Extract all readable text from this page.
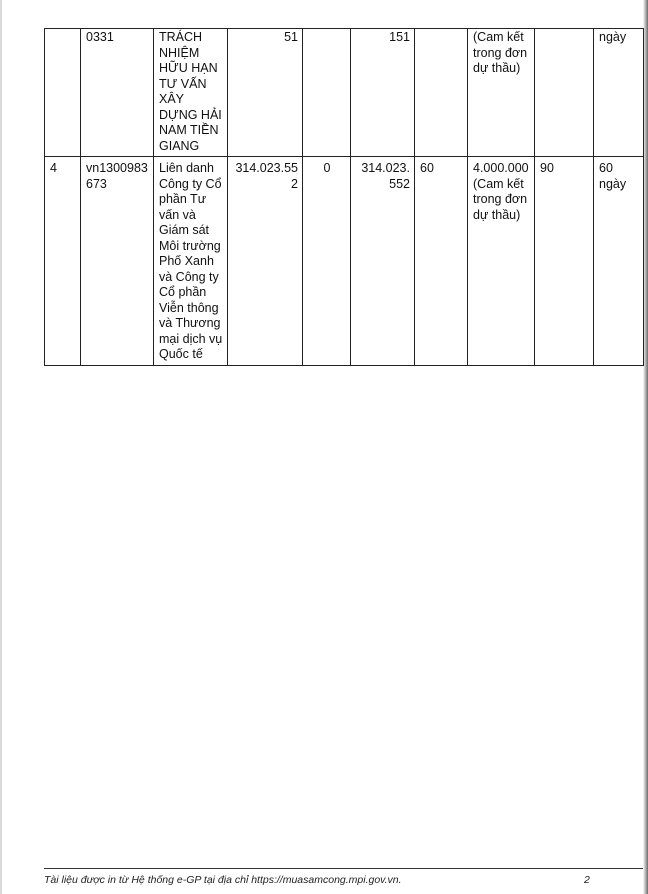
	0331	TRÁCH NHIỆM HỮU HẠN TƯ VẤN XÂY DỰNG HẢI NAM TIỀN GIANG	51		151		(Cam kết trong đơn dự thầu)		ngày
4	vn1300983673	Liên danh Công ty Cổ phần Tư vấn và Giám sát Môi trường Phố Xanh và Công ty Cổ phần Viễn thông và Thương mại dịch vụ Quốc tế	314.023.552	0	314.023.552	60	4.000.000 (Cam kết trong đơn dự thầu)	90	60 ngày
Tài liệu được in từ Hệ thống e-GP tại địa chỉ https://muasamcong.mpi.gov.vn.	2
